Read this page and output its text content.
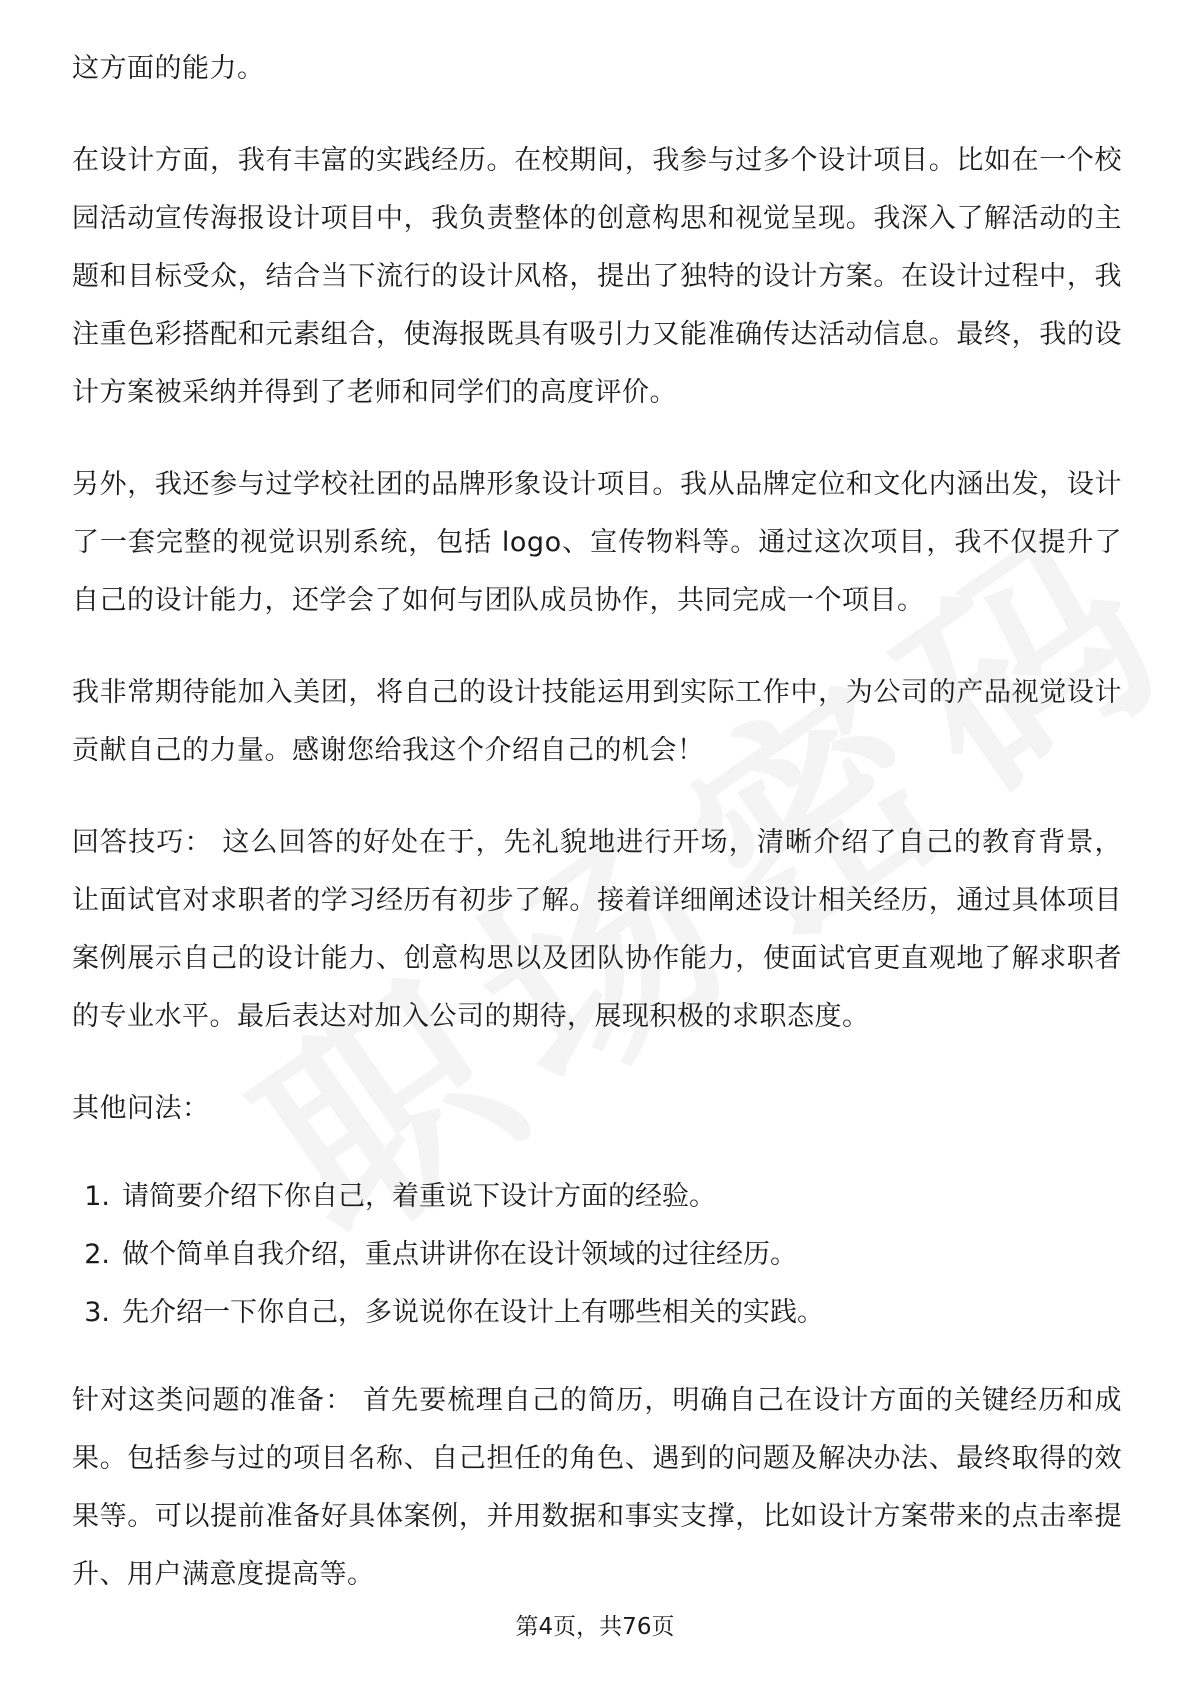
这方面的能力。

在设计方面，我有丰富的实践经历。在校期间，我参与过多个设计项目。比如在一个校园活动宣传海报设计项目中，我负责整体的创意构思和视觉呈现。我深入了解活动的主题和目标受众，结合当下流行的设计风格，提出了独特的设计方案。在设计过程中，我注重色彩搭配和元素组合，使海报既具有吸引力又能准确传达活动信息。最终，我的设计方案被采纳并得到了老师和同学们的高度评价。

另外，我还参与过学校社团的品牌形象设计项目。我从品牌定位和文化内涵出发，设计了一套完整的视觉识别系统，包括 logo、宣传物料等。通过这次项目，我不仅提升了自己的设计能力，还学会了如何与团队成员协作，共同完成一个项目。

我非常期待能加入美团，将自己的设计技能运用到实际工作中，为公司的产品视觉设计贡献自己的力量。感谢您给我这个介绍自己的机会！

回答技巧： 这么回答的好处在于，先礼貌地进行开场，清晰介绍了自己的教育背景，让面试官对求职者的学习经历有初步了解。接着详细阐述设计相关经历，通过具体项目案例展示自己的设计能力、创意构思以及团队协作能力，使面试官更直观地了解求职者的专业水平。最后表达对加入公司的期待，展现积极的求职态度。

其他问法：

1. 请简要介绍下你自己，着重说下设计方面的经验。
2. 做个简单自我介绍，重点讲讲你在设计领域的过往经历。
3. 先介绍一下你自己，多说说你在设计上有哪些相关的实践。

针对这类问题的准备： 首先要梳理自己的简历，明确自己在设计方面的关键经历和成果。包括参与过的项目名称、自己担任的角色、遇到的问题及解决办法、最终取得的效果等。可以提前准备好具体案例，并用数据和事实支撑，比如设计方案带来的点击率提升、用户满意度提高等。

第4页，共76页
